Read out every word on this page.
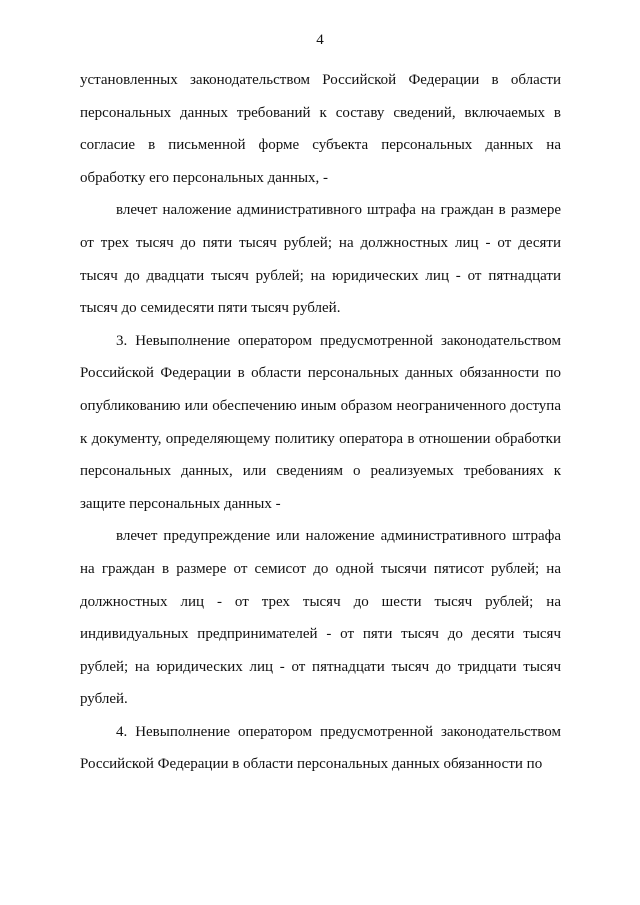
4

установленных законодательством Российской Федерации в области персональных данных требований к составу сведений, включаемых в согласие в письменной форме субъекта персональных данных на обработку его персональных данных, -

влечет наложение административного штрафа на граждан в размере от трех тысяч до пяти тысяч рублей; на должностных лиц - от десяти тысяч до двадцати тысяч рублей; на юридических лиц - от пятнадцати тысяч до семидесяти пяти тысяч рублей.

3. Невыполнение оператором предусмотренной законодательством Российской Федерации в области персональных данных обязанности по опубликованию или обеспечению иным образом неограниченного доступа к документу, определяющему политику оператора в отношении обработки персональных данных, или сведениям о реализуемых требованиях к защите персональных данных -

влечет предупреждение или наложение административного штрафа на граждан в размере от семисот до одной тысячи пятисот рублей; на должностных лиц - от трех тысяч до шести тысяч рублей; на индивидуальных предпринимателей - от пяти тысяч до десяти тысяч рублей; на юридических лиц - от пятнадцати тысяч до тридцати тысяч рублей.

4. Невыполнение оператором предусмотренной законодательством Российской Федерации в области персональных данных обязанности по
